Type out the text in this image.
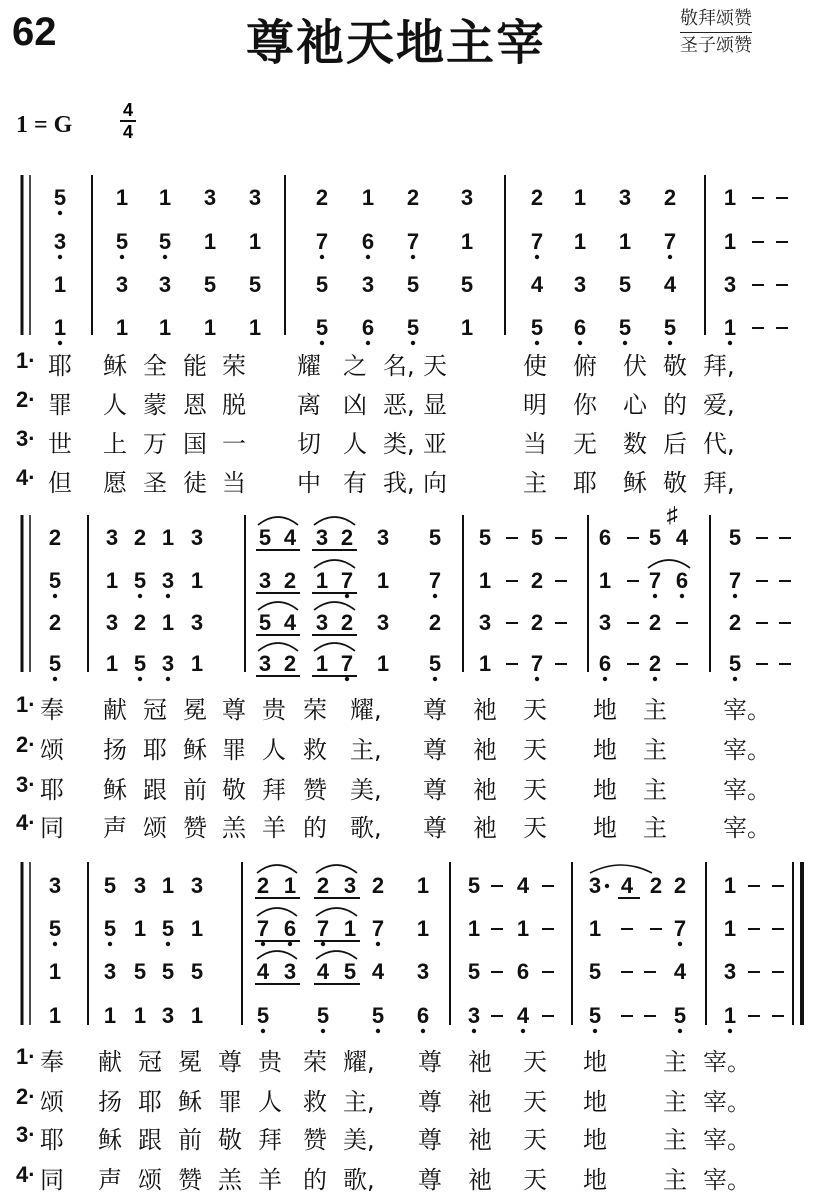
62	尊祂天地主宰	敬拜颂赞
圣子颂赞
1 = G
4
4
5 1 1 3 3 2 1 2 3	2 1 3 2 1
3 5 5 1 1 7 6 7 1	7 1 1 7 1
1 3 3 5 5 5 3 5 5	4 3 5 4 3
1 1 1 1 1 5 6 5 1	5 6 5 5 1
2 3 2 1 3	5 4 3 2 3 5 5 5	6 5 4 5
5 1 5 3 1	3 2 1 7 1 7 1 2	1 7 6 7
2 3 2 1 3	5 4 3 2 3 2 3 2	3 2	2
5 1 5 3 1	3 2 1 7 1 5 1 7	6 2	5
♯
3 5 3 1 3 2 1 2 3 2 1 5 4	3 4 2 2 1
5 5 1 5 1 7 6 7 1 7 1 1 1	1	7 1
1 3 5 5 5 4 3 4 5 4 3 5 6	5	4 3
1 1 1 3 1 5 5 5 6 3 4	5	5 1
1· 耶 稣 全 能 荣 耀 之 名, 天	使 俯 伏 敬 拜,
2· 罪 人 蒙 恩 脱 离 凶 恶, 显	明 你 心 的 爱,
3· 世 上 万 国 一 切 人 类, 亚	当 无 数 后 代,
4· 但 愿 圣 徒 当 中 有 我, 向	主 耶 稣 敬 拜,
1· 奉 献 冠 冕 尊 贵 荣 耀, 尊 祂 天 地 主 宰。
2· 颂 扬 耶 稣 罪 人 救 主, 尊 祂 天 地 主 宰。
3· 耶 稣 跟 前 敬 拜 赞 美, 尊 祂 天 地 主 宰。
4· 同 声 颂 赞 羔 羊 的 歌, 尊 祂 天 地 主 宰。
1· 奉 献 冠 冕 尊 贵 荣 耀, 尊 祂 天 地 主 宰。
2· 颂 扬 耶 稣 罪 人 救 主, 尊 祂 天 地 主 宰。
3· 耶 稣 跟 前 敬 拜 赞 美, 尊 祂 天 地 主 宰。
4· 同 声 颂 赞 羔 羊 的 歌, 尊 祂 天 地 主 宰。
